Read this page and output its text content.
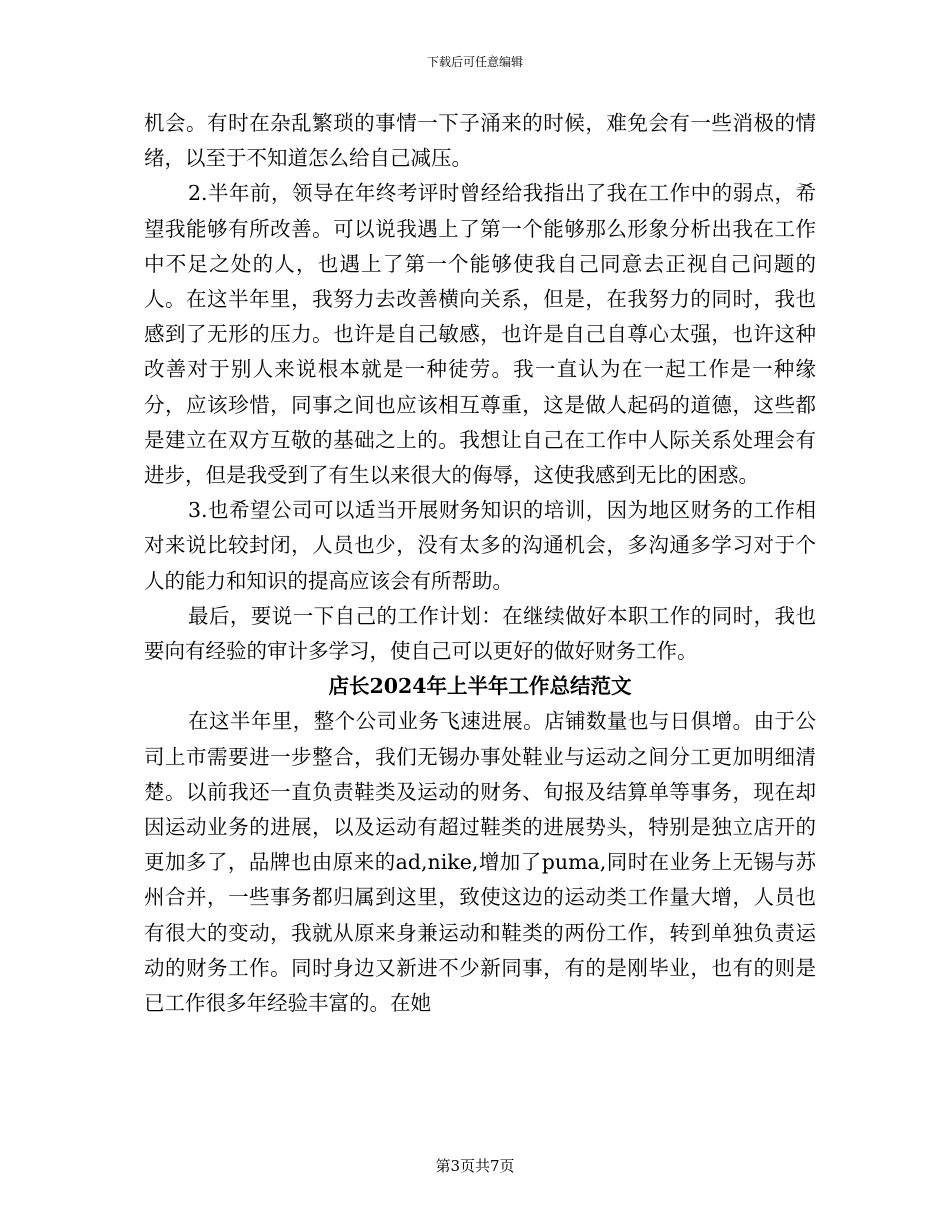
下载后可任意编辑

机会。有时在杂乱繁琐的事情一下子涌来的时候，难免会有一些消极的情绪，以至于不知道怎么给自己减压。

2.半年前，领导在年终考评时曾经给我指出了我在工作中的弱点，希望我能够有所改善。可以说我遇上了第一个能够那么形象分析出我在工作中不足之处的人，也遇上了第一个能够使我自己同意去正视自己问题的人。在这半年里，我努力去改善横向关系，但是，在我努力的同时，我也感到了无形的压力。也许是自己敏感，也许是自己自尊心太强，也许这种改善对于别人来说根本就是一种徒劳。我一直认为在一起工作是一种缘分，应该珍惜，同事之间也应该相互尊重，这是做人起码的道德，这些都是建立在双方互敬的基础之上的。我想让自己在工作中人际关系处理会有进步，但是我受到了有生以来很大的侮辱，这使我感到无比的困惑。

3.也希望公司可以适当开展财务知识的培训，因为地区财务的工作相对来说比较封闭，人员也少，没有太多的沟通机会，多沟通多学习对于个人的能力和知识的提高应该会有所帮助。

最后，要说一下自己的工作计划：在继续做好本职工作的同时，我也要向有经验的审计多学习，使自己可以更好的做好财务工作。

店长2024年上半年工作总结范文

在这半年里，整个公司业务飞速进展。店铺数量也与日俱增。由于公司上市需要进一步整合，我们无锡办事处鞋业与运动之间分工更加明细清楚。以前我还一直负责鞋类及运动的财务、旬报及结算单等事务，现在却因运动业务的进展，以及运动有超过鞋类的进展势头，特别是独立店开的更加多了，品牌也由原来的ad,nike,增加了puma,同时在业务上无锡与苏州合并，一些事务都归属到这里，致使这边的运动类工作量大增，人员也有很大的变动，我就从原来身兼运动和鞋类的两份工作，转到单独负责运动的财务工作。同时身边又新进不少新同事，有的是刚毕业，也有的则是已工作很多年经验丰富的。在她

第3页共7页
